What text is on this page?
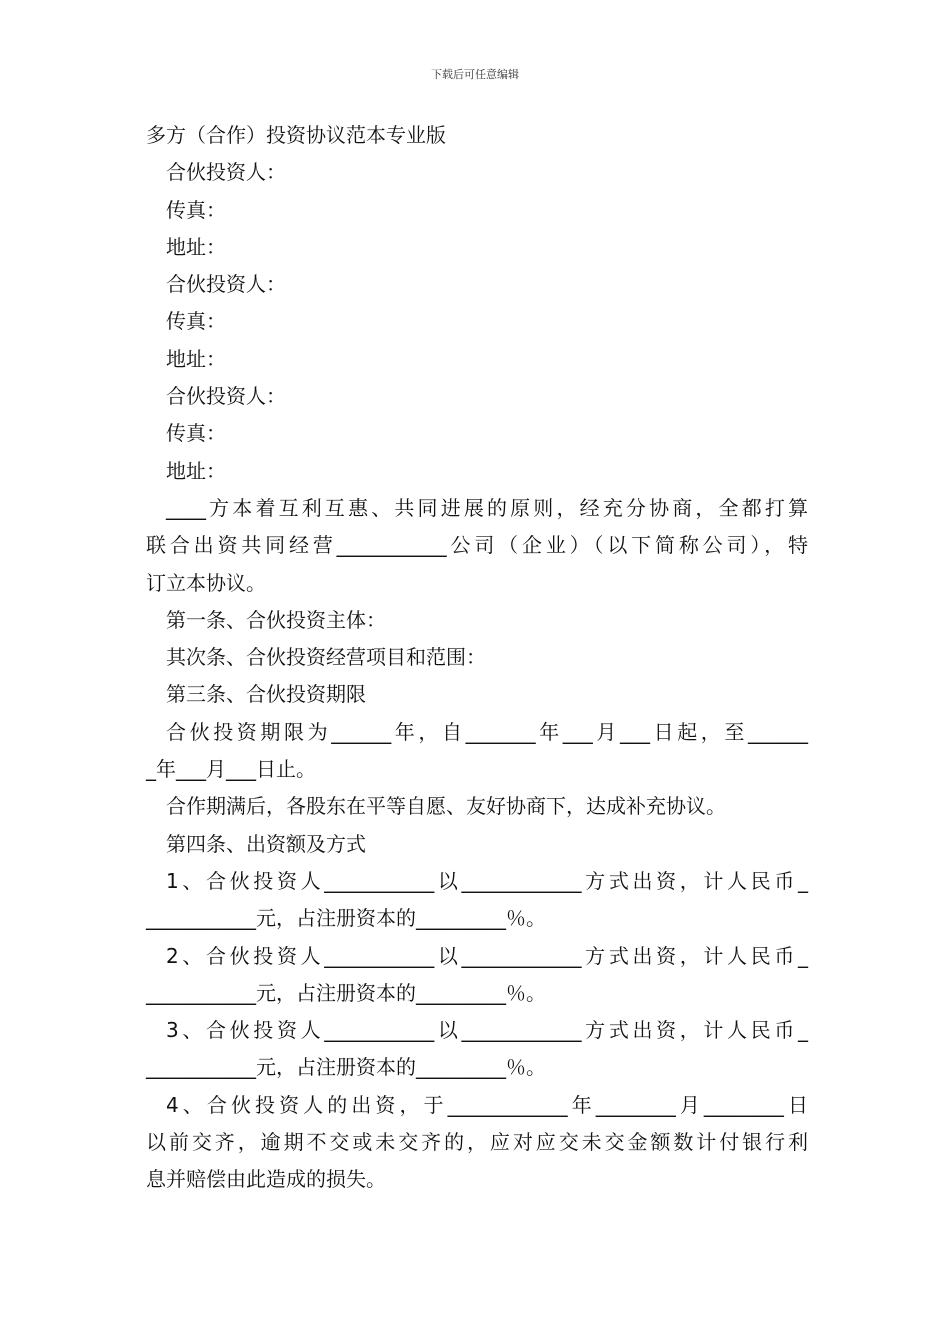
下载后可任意编辑
多方（合作）投资协议范本专业版
合伙投资人：
传真：
地址：
合伙投资人：
传真：
地址：
合伙投资人：
传真：
地址：
____方本着互利互惠、共同进展的原则，经充分协商，全都打算
联合出资共同经营___________公司（企业）（以下简称公司），特
订立本协议。
第一条、合伙投资主体：
其次条、合伙投资经营项目和范围：
第三条、合伙投资期限
合伙投资期限为______年，自_______年___月___日起，至______
_年___月___日止。
合作期满后，各股东在平等自愿、友好协商下，达成补充协议。
第四条、出资额及方式
1、合伙投资人___________以____________方式出资，计人民币_
___________元，占注册资本的_________％。
2、合伙投资人___________以____________方式出资，计人民币_
___________元，占注册资本的_________％。
3、合伙投资人___________以____________方式出资，计人民币_
___________元，占注册资本的_________％。
4、合伙投资人的出资，于____________年________月________日
以前交齐，逾期不交或未交齐的，应对应交未交金额数计付银行利
息并赔偿由此造成的损失。
